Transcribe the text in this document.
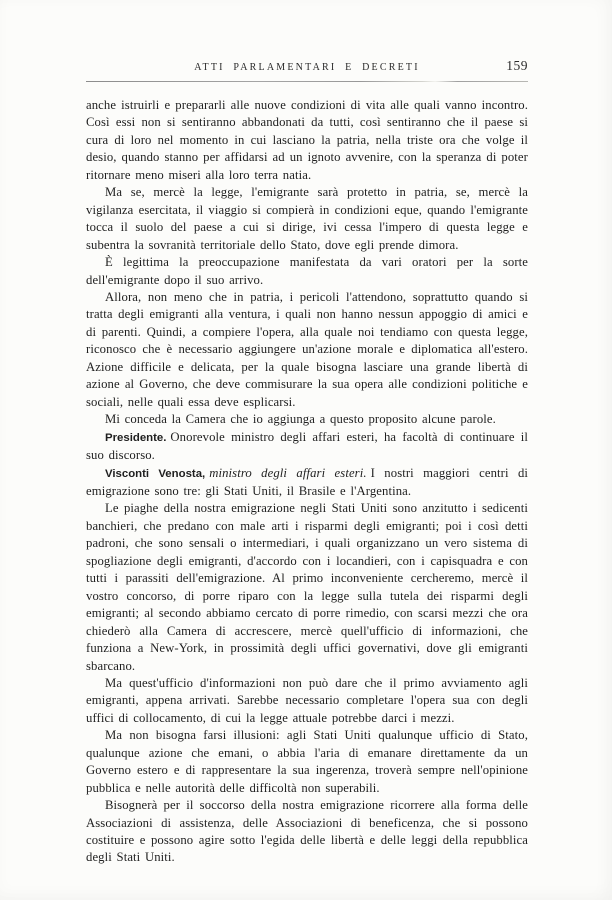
ATTI PARLAMENTARI E DECRETI	159

anche istruirli e prepararli alle nuove condizioni di vita alle quali vanno incontro. Così essi non si sentiranno abbandonati da tutti, così sentiranno che il paese si cura di loro nel momento in cui lasciano la patria, nella triste ora che volge il desio, quando stanno per affidarsi ad un ignoto avvenire, con la speranza di poter ritornare meno miseri alla loro terra natia.

Ma se, mercè la legge, l'emigrante sarà protetto in patria, se, mercè la vigilanza esercitata, il viaggio si compierà in condizioni eque, quando l'emigrante tocca il suolo del paese a cui si dirige, ivi cessa l'impero di questa legge e subentra la sovranità territoriale dello Stato, dove egli prende dimora.

È legittima la preoccupazione manifestata da vari oratori per la sorte dell'emigrante dopo il suo arrivo.

Allora, non meno che in patria, i pericoli l'attendono, soprattutto quando si tratta degli emigranti alla ventura, i quali non hanno nessun appoggio di amici e di parenti. Quindi, a compiere l'opera, alla quale noi tendiamo con questa legge, riconosco che è necessario aggiungere un'azione morale e diplomatica all'estero. Azione difficile e delicata, per la quale bisogna lasciare una grande libertà di azione al Governo, che deve commisurare la sua opera alle condizioni politiche e sociali, nelle quali essa deve esplicarsi.

Mi conceda la Camera che io aggiunga a questo proposito alcune parole.

Presidente. Onorevole ministro degli affari esteri, ha facoltà di continuare il suo discorso.

Visconti Venosta, ministro degli affari esteri. I nostri maggiori centri di emigrazione sono tre: gli Stati Uniti, il Brasile e l'Argentina.

Le piaghe della nostra emigrazione negli Stati Uniti sono anzitutto i sedicenti banchieri, che predano con male arti i risparmi degli emigranti; poi i così detti padroni, che sono sensali o intermediari, i quali organizzano un vero sistema di spogliazione degli emigranti, d'accordo con i locandieri, con i capisquadra e con tutti i parassiti dell'emigrazione. Al primo inconveniente cercheremo, mercè il vostro concorso, di porre riparo con la legge sulla tutela dei risparmi degli emigranti; al secondo abbiamo cercato di porre rimedio, con scarsi mezzi che ora chiederò alla Camera di accrescere, mercè quell'ufficio di informazioni, che funziona a New-York, in prossimità degli uffici governativi, dove gli emigranti sbarcano.

Ma quest'ufficio d'informazioni non può dare che il primo avviamento agli emigranti, appena arrivati. Sarebbe necessario completare l'opera sua con degli uffici di collocamento, di cui la legge attuale potrebbe darci i mezzi.

Ma non bisogna farsi illusioni: agli Stati Uniti qualunque ufficio di Stato, qualunque azione che emani, o abbia l'aria di emanare direttamente da un Governo estero e di rappresentare la sua ingerenza, troverà sempre nell'opinione pubblica e nelle autorità delle difficoltà non superabili.

Bisognerà per il soccorso della nostra emigrazione ricorrere alla forma delle Associazioni di assistenza, delle Associazioni di beneficenza, che si possono costituire e possono agire sotto l'egida delle libertà e delle leggi della repubblica degli Stati Uniti.
